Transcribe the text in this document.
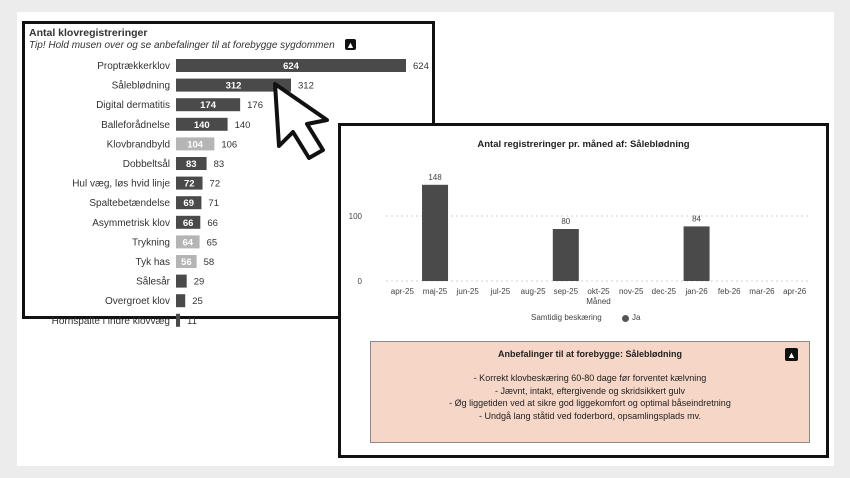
Antal klovregistreringer
Tip! Hold musen over og se anbefalinger til at forebygge sygdommen ▲
Proptrækkerklov	624	624
Såleblødning	312	312
Digital dermatitis	174	176
Balleforådnelse	140	140
Klovbrandbyld 104 106
Dobbeltsål 83 83
Hul væg, løs hvid linje 72 72
Spaltebetændelse 69 71
Asymmetrisk klov 66 66
Trykning 64 65
Tyk has 56 58
Sålesår 29
Overgroet klov 25
Hornspalte i indre klovvæg 11
Antal registreringer pr. måned af: Såleblødning
0
100
apr-25 maj-25
148
jun-25 jul-25 aug-25 sep-25
80
okt-25 nov-25 dec-25 jan-26
84
feb-26 mar-26 apr-26
Måned
Samtidig beskæring	Ja
Anbefalinger til at forebygge: Såleblødning	▲
- Korrekt klovbeskæring 60-80 dage før forventet kælvning
- Jævnt, intakt, eftergivende og skridsikkert gulv
- Øg liggetiden ved at sikre god liggekomfort og optimal båseindretning
- Undgå lang ståtid ved foderbord, opsamlingsplads mv.
